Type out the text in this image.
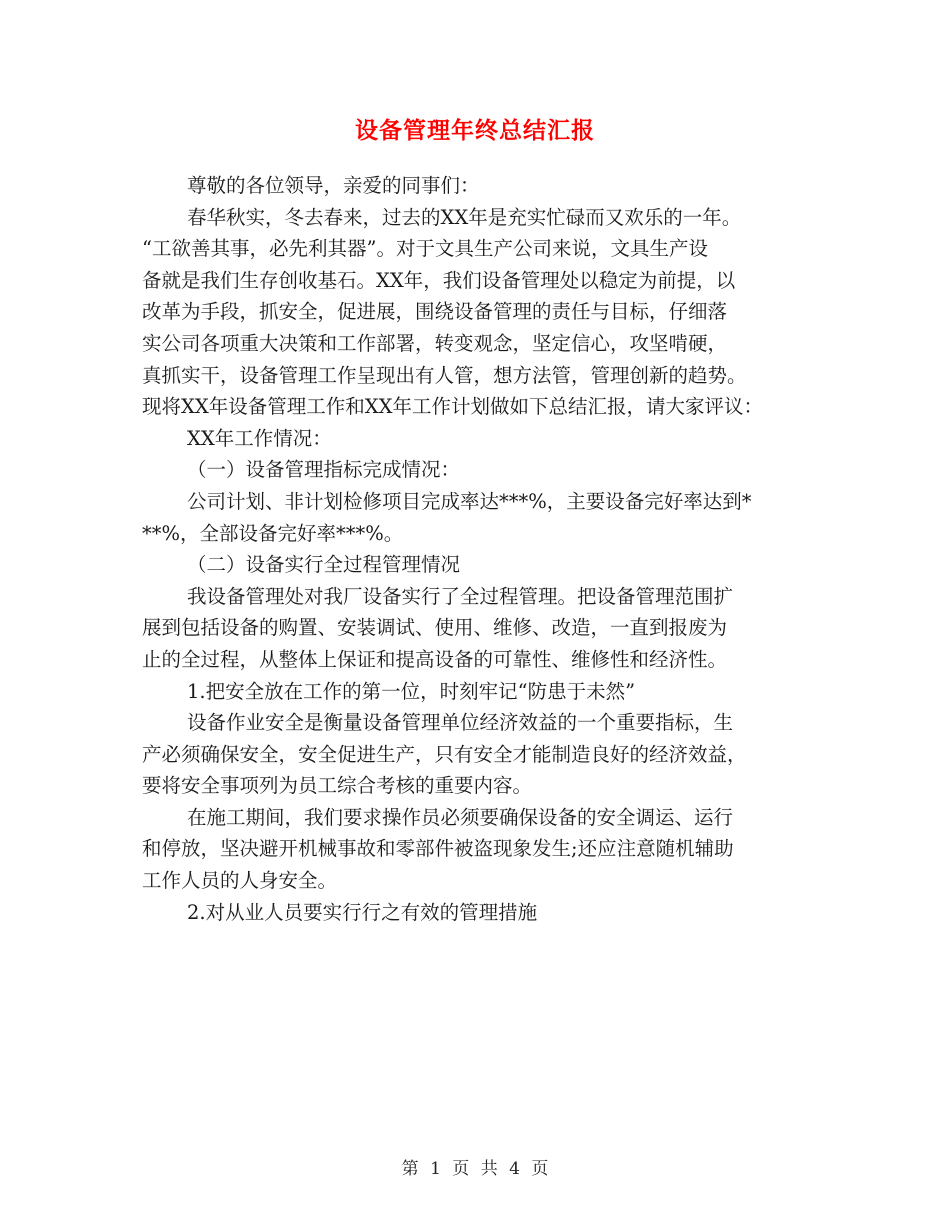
设备管理年终总结汇报
尊敬的各位领导，亲爱的同事们：
春华秋实，冬去春来，过去的XX年是充实忙碌而又欢乐的一年。
“工欲善其事，必先利其器”。对于文具生产公司来说，文具生产设
备就是我们生存创收基石。XX年，我们设备管理处以稳定为前提，以
改革为手段，抓安全，促进展，围绕设备管理的责任与目标，仔细落
实公司各项重大决策和工作部署，转变观念，坚定信心，攻坚啃硬，
真抓实干，设备管理工作呈现出有人管，想方法管，管理创新的趋势。
现将XX年设备管理工作和XX年工作计划做如下总结汇报，请大家评议：
XX年工作情况：
（一）设备管理指标完成情况：
公司计划、非计划检修项目完成率达***%，主要设备完好率达到*
**%，全部设备完好率***%。
（二）设备实行全过程管理情况
我设备管理处对我厂设备实行了全过程管理。把设备管理范围扩
展到包括设备的购置、安装调试、使用、维修、改造，一直到报废为
止的全过程，从整体上保证和提高设备的可靠性、维修性和经济性。
1.把安全放在工作的第一位，时刻牢记“防患于未然”
设备作业安全是衡量设备管理单位经济效益的一个重要指标，生
产必须确保安全，安全促进生产，只有安全才能制造良好的经济效益，
要将安全事项列为员工综合考核的重要内容。
在施工期间，我们要求操作员必须要确保设备的安全调运、运行
和停放，坚决避开机械事故和零部件被盗现象发生;还应注意随机辅助
工作人员的人身安全。
2.对从业人员要实行行之有效的管理措施
第 1 页 共 4 页
